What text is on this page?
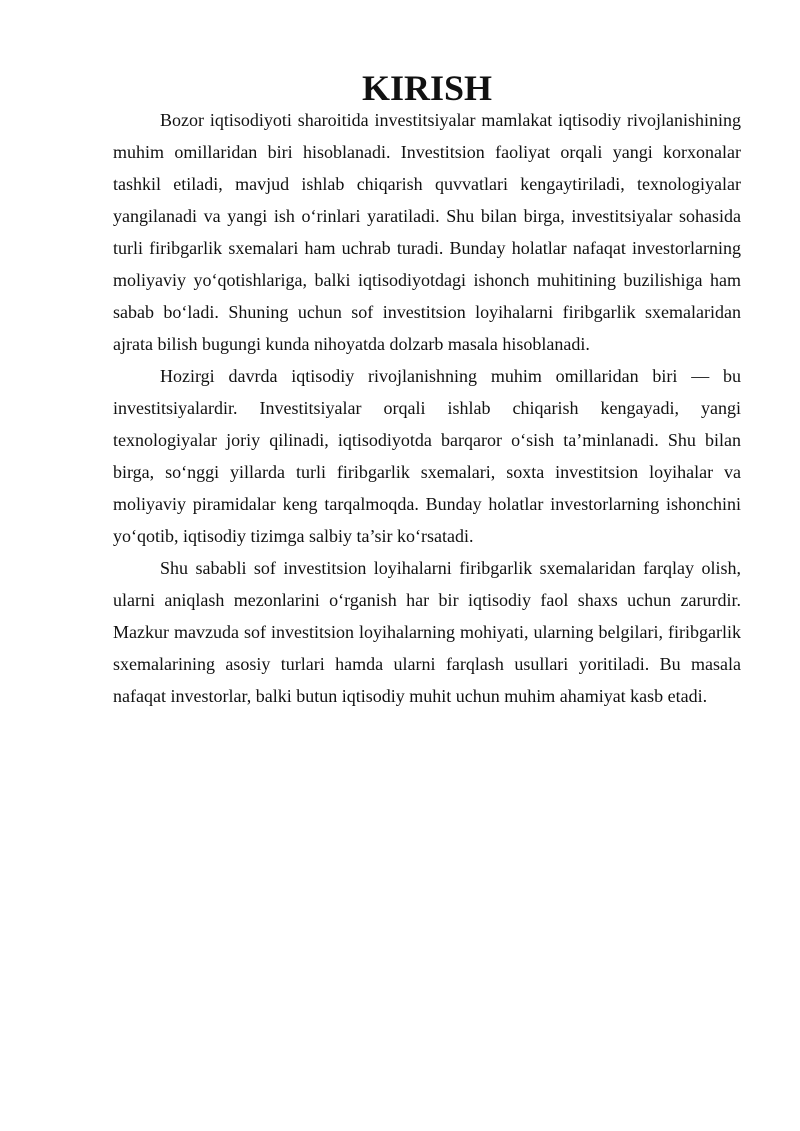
KIRISH

Bozor iqtisodiyoti sharoitida investitsiyalar mamlakat iqtisodiy rivojlanishining muhim omillaridan biri hisoblanadi. Investitsion faoliyat orqali yangi korxonalar tashkil etiladi, mavjud ishlab chiqarish quvvatlari kengaytiriladi, texnologiyalar yangilanadi va yangi ish o‘rinlari yaratiladi. Shu bilan birga, investitsiyalar sohasida turli firibgarlik sxemalari ham uchrab turadi. Bunday holatlar nafaqat investorlarning moliyaviy yo‘qotishlariga, balki iqtisodiyotdagi ishonch muhitining buzilishiga ham sabab bo‘ladi. Shuning uchun sof investitsion loyihalarni firibgarlik sxemalaridan ajrata bilish bugungi kunda nihoyatda dolzarb masala hisoblanadi.

Hozirgi davrda iqtisodiy rivojlanishning muhim omillaridan biri — bu investitsiyalardir. Investitsiyalar orqali ishlab chiqarish kengayadi, yangi texnologiyalar joriy qilinadi, iqtisodiyotda barqaror o‘sish ta’minlanadi. Shu bilan birga, so‘nggi yillarda turli firibgarlik sxemalari, soxta investitsion loyihalar va moliyaviy piramidalar keng tarqalmoqda. Bunday holatlar investorlarning ishonchini yo‘qotib, iqtisodiy tizimga salbiy ta’sir ko‘rsatadi.

Shu sababli sof investitsion loyihalarni firibgarlik sxemalaridan farqlay olish, ularni aniqlash mezonlarini o‘rganish har bir iqtisodiy faol shaxs uchun zarurdir. Mazkur mavzuda sof investitsion loyihalarning mohiyati, ularning belgilari, firibgarlik sxemalarining asosiy turlari hamda ularni farqlash usullari yoritiladi. Bu masala nafaqat investorlar, balki butun iqtisodiy muhit uchun muhim ahamiyat kasb etadi.
